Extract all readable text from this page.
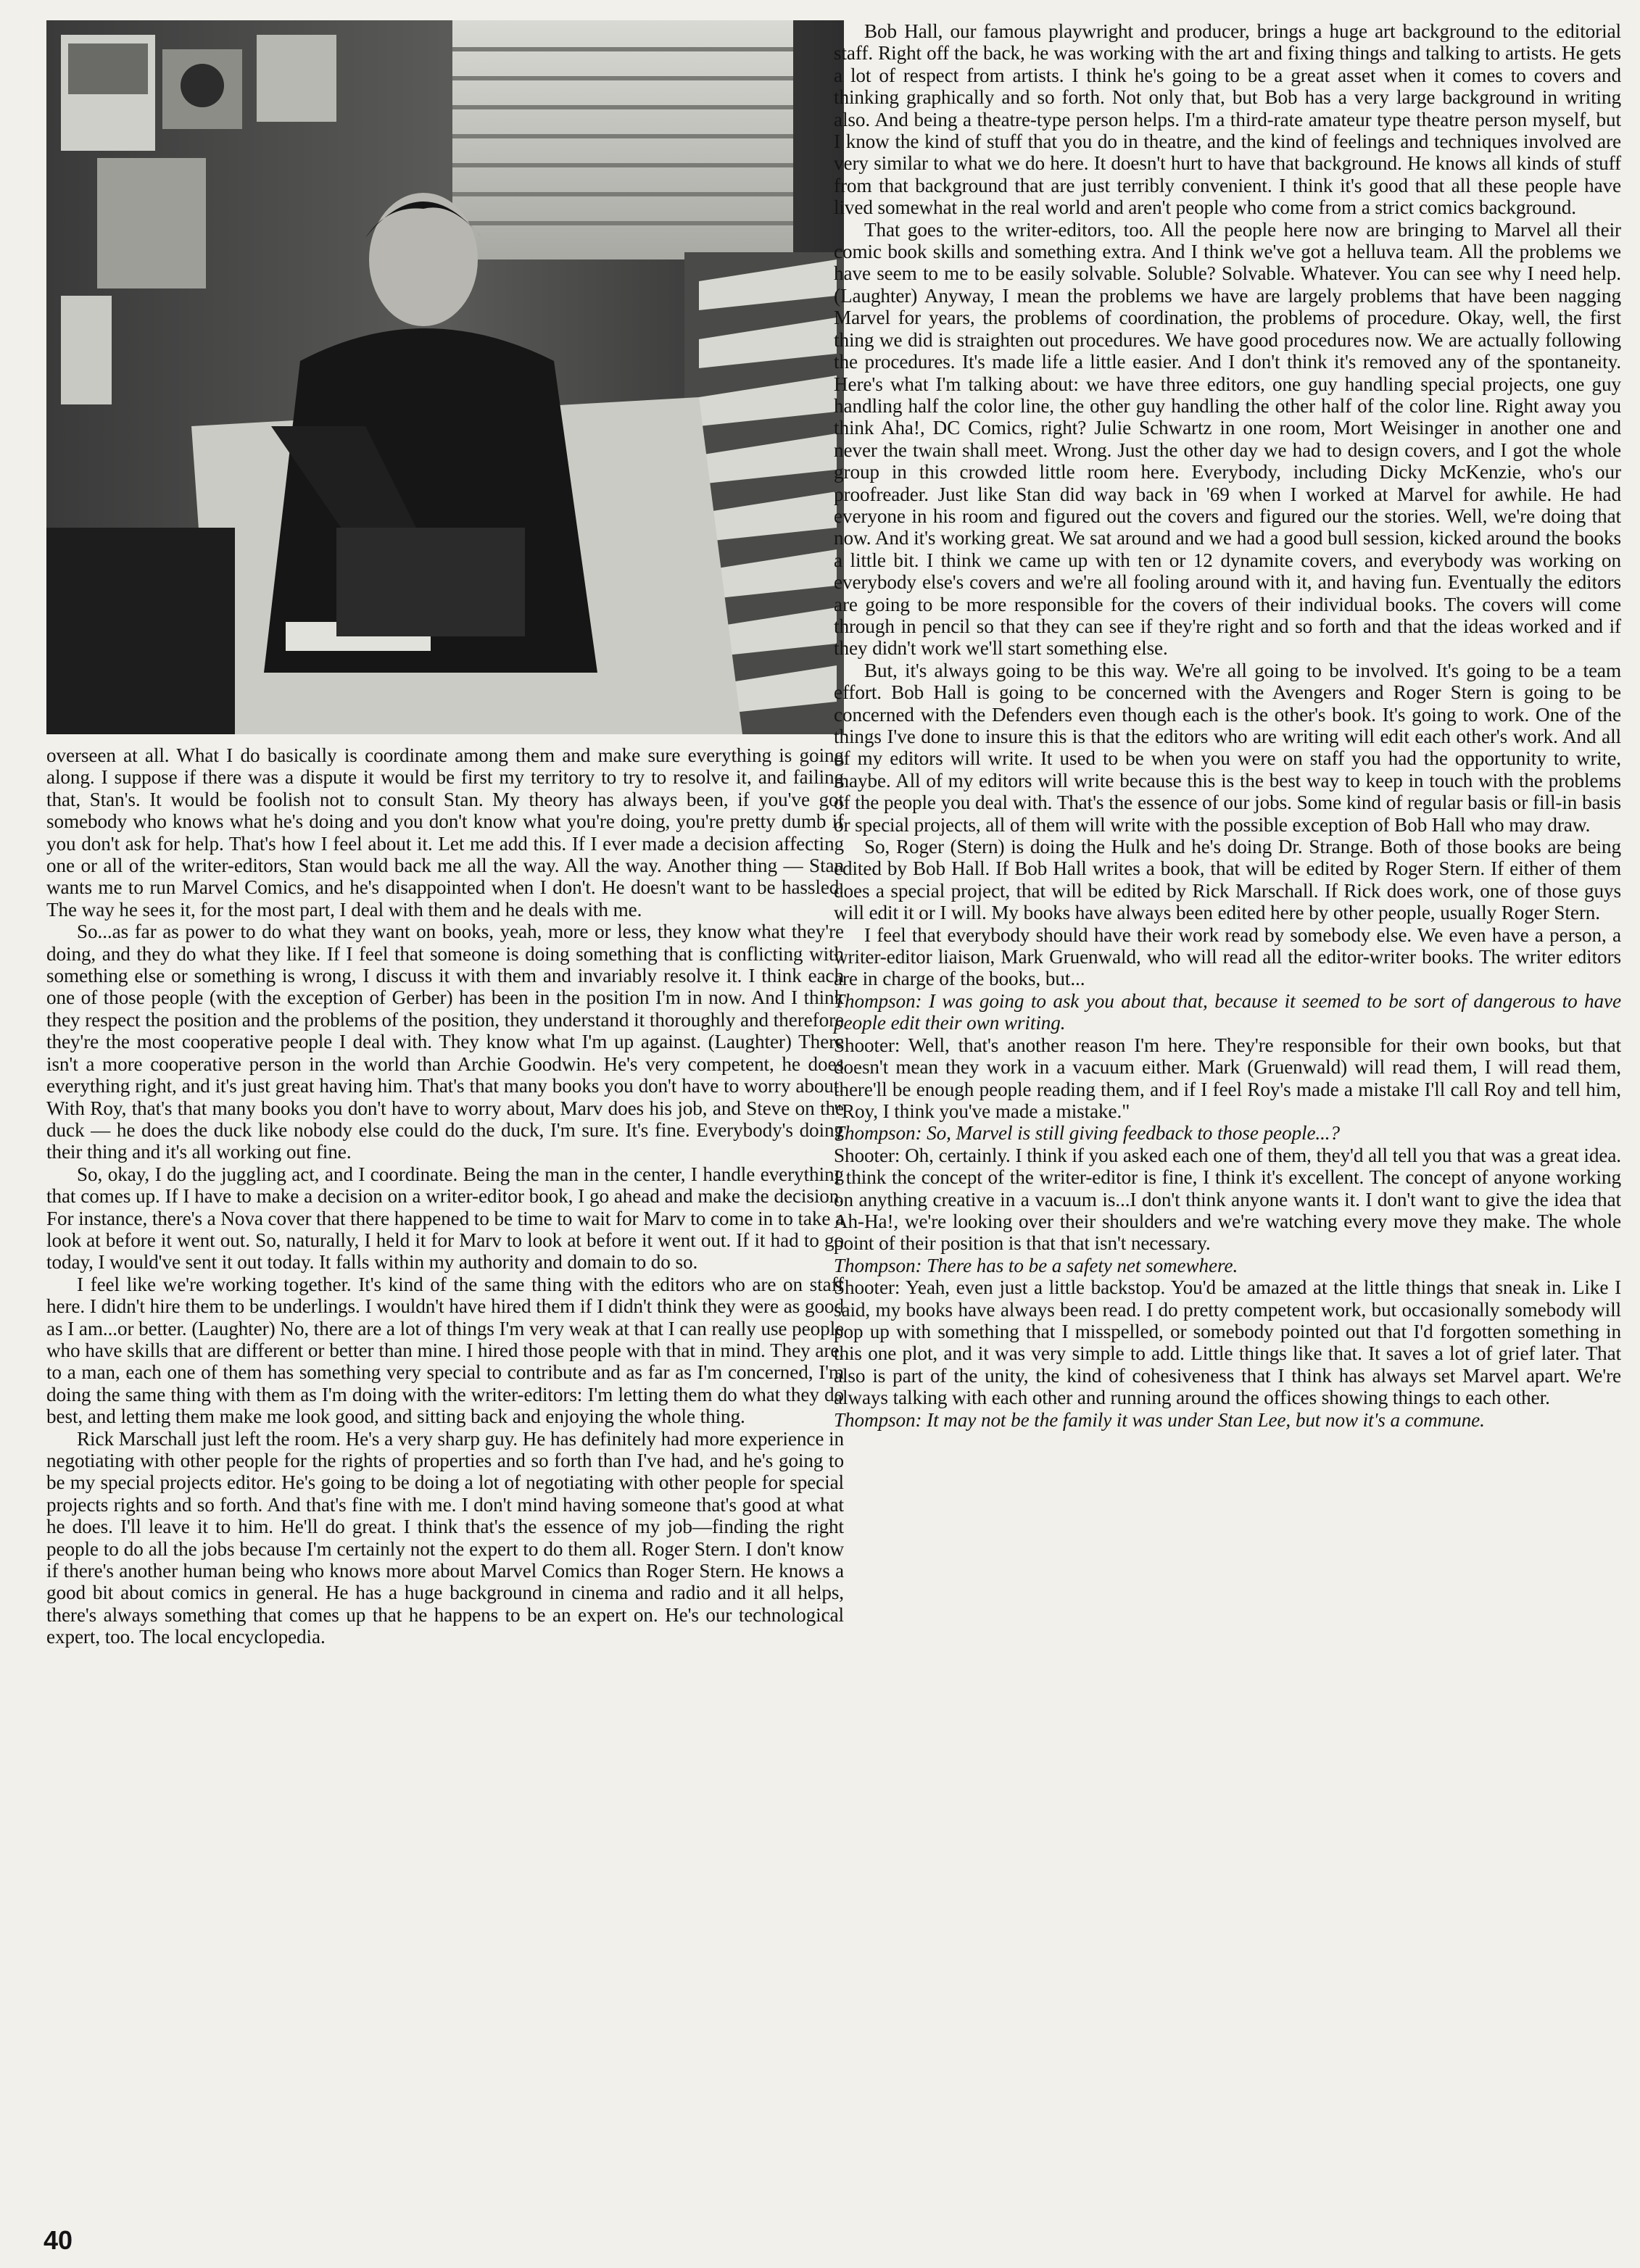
overseen at all. What I do basically is coordinate among them and make sure everything is going along. I suppose if there was a dispute it would be first my territory to try to resolve it, and failing that, Stan's. It would be foolish not to consult Stan. My theory has always been, if you've got somebody who knows what he's doing and you don't know what you're doing, you're pretty dumb if you don't ask for help. That's how I feel about it. Let me add this. If I ever made a decision affecting one or all of the writer-editors, Stan would back me all the way. All the way. Another thing — Stan wants me to run Marvel Comics, and he's disappointed when I don't. He doesn't want to be hassled. The way he sees it, for the most part, I deal with them and he deals with me.

So...as far as power to do what they want on books, yeah, more or less, they know what they're doing, and they do what they like. If I feel that someone is doing something that is conflicting with something else or something is wrong, I discuss it with them and invariably resolve it. I think each one of those people (with the exception of Gerber) has been in the position I'm in now. And I think they respect the position and the problems of the position, they understand it thoroughly and therefore they're the most cooperative people I deal with. They know what I'm up against. (Laughter) There isn't a more cooperative person in the world than Archie Goodwin. He's very competent, he does everything right, and it's just great having him. That's that many books you don't have to worry about. With Roy, that's that many books you don't have to worry about, Marv does his job, and Steve on the duck — he does the duck like nobody else could do the duck, I'm sure. It's fine. Everybody's doing their thing and it's all working out fine.

So, okay, I do the juggling act, and I coordinate. Being the man in the center, I handle everything that comes up. If I have to make a decision on a writer-editor book, I go ahead and make the decision. For instance, there's a Nova cover that there happened to be time to wait for Marv to come in to take a look at before it went out. So, naturally, I held it for Marv to look at before it went out. If it had to go today, I would've sent it out today. It falls within my authority and domain to do so.

I feel like we're working together. It's kind of the same thing with the editors who are on staff here. I didn't hire them to be underlings. I wouldn't have hired them if I didn't think they were as good as I am...or better. (Laughter) No, there are a lot of things I'm very weak at that I can really use people who have skills that are different or better than mine. I hired those people with that in mind. They are, to a man, each one of them has something very special to contribute and as far as I'm concerned, I'm doing the same thing with them as I'm doing with the writer-editors: I'm letting them do what they do best, and letting them make me look good, and sitting back and enjoying the whole thing.

Rick Marschall just left the room. He's a very sharp guy. He has definitely had more experience in negotiating with other people for the rights of properties and so forth than I've had, and he's going to be my special projects editor. He's going to be doing a lot of negotiating with other people for special projects rights and so forth. And that's fine with me. I don't mind having someone that's good at what he does. I'll leave it to him. He'll do great. I think that's the essence of my job—finding the right people to do all the jobs because I'm certainly not the expert to do them all. Roger Stern. I don't know if there's another human being who knows more about Marvel Comics than Roger Stern. He knows a good bit about comics in general. He has a huge background in cinema and radio and it all helps, there's always something that comes up that he happens to be an expert on. He's our technological expert, too. The local encyclopedia.

Bob Hall, our famous playwright and producer, brings a huge art background to the editorial staff. Right off the back, he was working with the art and fixing things and talking to artists. He gets a lot of respect from artists. I think he's going to be a great asset when it comes to covers and thinking graphically and so forth. Not only that, but Bob has a very large background in writing also. And being a theatre-type person helps. I'm a third-rate amateur type theatre person myself, but I know the kind of stuff that you do in theatre, and the kind of feelings and techniques involved are very similar to what we do here. It doesn't hurt to have that background. He knows all kinds of stuff from that background that are just terribly convenient. I think it's good that all these people have lived somewhat in the real world and aren't people who come from a strict comics background.

That goes to the writer-editors, too. All the people here now are bringing to Marvel all their comic book skills and something extra. And I think we've got a helluva team. All the problems we have seem to me to be easily solvable. Soluble? Solvable. Whatever. You can see why I need help. (Laughter) Anyway, I mean the problems we have are largely problems that have been nagging Marvel for years, the problems of coordination, the problems of procedure. Okay, well, the first thing we did is straighten out procedures. We have good procedures now. We are actually following the procedures. It's made life a little easier. And I don't think it's removed any of the spontaneity. Here's what I'm talking about: we have three editors, one guy handling special projects, one guy handling half the color line, the other guy handling the other half of the color line. Right away you think Aha!, DC Comics, right? Julie Schwartz in one room, Mort Weisinger in another one and never the twain shall meet. Wrong. Just the other day we had to design covers, and I got the whole group in this crowded little room here. Everybody, including Dicky McKenzie, who's our proofreader. Just like Stan did way back in '69 when I worked at Marvel for awhile. He had everyone in his room and figured out the covers and figured our the stories. Well, we're doing that now. And it's working great. We sat around and we had a good bull session, kicked around the books a little bit. I think we came up with ten or 12 dynamite covers, and everybody was working on everybody else's covers and we're all fooling around with it, and having fun. Eventually the editors are going to be more responsible for the covers of their individual books. The covers will come through in pencil so that they can see if they're right and so forth and that the ideas worked and if they didn't work we'll start something else.

But, it's always going to be this way. We're all going to be involved. It's going to be a team effort. Bob Hall is going to be concerned with the Avengers and Roger Stern is going to be concerned with the Defenders even though each is the other's book. It's going to work. One of the things I've done to insure this is that the editors who are writing will edit each other's work. And all of my editors will write. It used to be when you were on staff you had the opportunity to write, maybe. All of my editors will write because this is the best way to keep in touch with the problems of the people you deal with. That's the essence of our jobs. Some kind of regular basis or fill-in basis or special projects, all of them will write with the possible exception of Bob Hall who may draw.

So, Roger (Stern) is doing the Hulk and he's doing Dr. Strange. Both of those books are being edited by Bob Hall. If Bob Hall writes a book, that will be edited by Roger Stern. If either of them does a special project, that will be edited by Rick Marschall. If Rick does work, one of those guys will edit it or I will. My books have always been edited here by other people, usually Roger Stern.

I feel that everybody should have their work read by somebody else. We even have a person, a writer-editor liaison, Mark Gruenwald, who will read all the editor-writer books. The writer editors are in charge of the books, but...

Thompson: I was going to ask you about that, because it seemed to be sort of dangerous to have people edit their own writing.

Shooter: Well, that's another reason I'm here. They're responsible for their own books, but that doesn't mean they work in a vacuum either. Mark (Gruenwald) will read them, I will read them, there'll be enough people reading them, and if I feel Roy's made a mistake I'll call Roy and tell him, "Roy, I think you've made a mistake."

Thompson: So, Marvel is still giving feedback to those people...?

Shooter: Oh, certainly. I think if you asked each one of them, they'd all tell you that was a great idea. I think the concept of the writer-editor is fine, I think it's excellent. The concept of anyone working on anything creative in a vacuum is...I don't think anyone wants it. I don't want to give the idea that Ah-Ha!, we're looking over their shoulders and we're watching every move they make. The whole point of their position is that that isn't necessary.

Thompson: There has to be a safety net somewhere.

Shooter: Yeah, even just a little backstop. You'd be amazed at the little things that sneak in. Like I said, my books have always been read. I do pretty competent work, but occasionally somebody will pop up with something that I misspelled, or somebody pointed out that I'd forgotten something in this one plot, and it was very simple to add. Little things like that. It saves a lot of grief later. That also is part of the unity, the kind of cohesiveness that I think has always set Marvel apart. We're always talking with each other and running around the offices showing things to each other.

Thompson: It may not be the family it was under Stan Lee, but now it's a commune.

40
